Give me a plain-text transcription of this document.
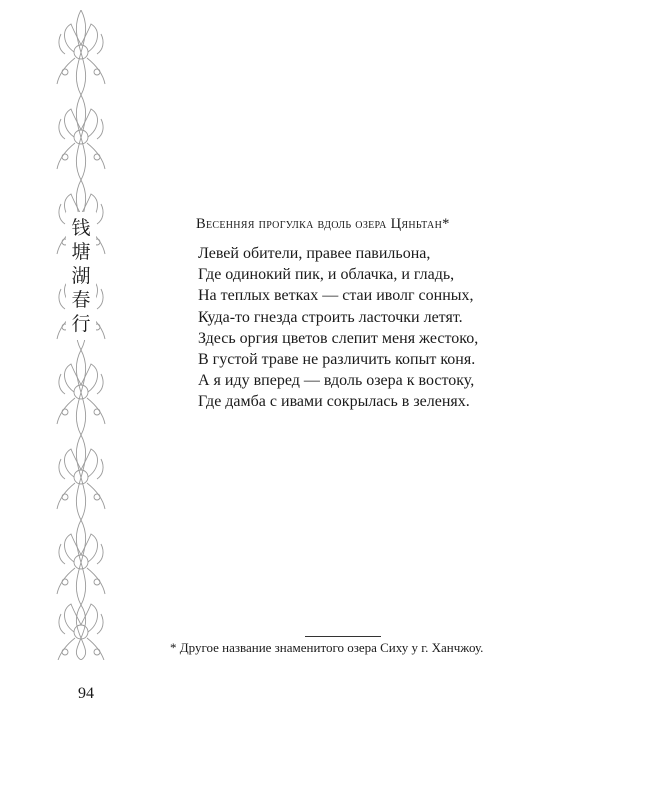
钱
塘
湖
春
行
Весенняя прогулка вдоль озера Цяньтан*
Левей обители, правее павильона,
Где одинокий пик, и облачка, и гладь,
На теплых ветках — стаи иволг сонных,
Куда-то гнезда строить ласточки летят.
Здесь оргия цветов слепит меня жестоко,
В густой траве не различить копыт коня.
А я иду вперед — вдоль озера к востоку,
Где дамба с ивами сокрылась в зеленях.
* Другое название знаменитого озера Сиху у г. Ханчжоу.
94
